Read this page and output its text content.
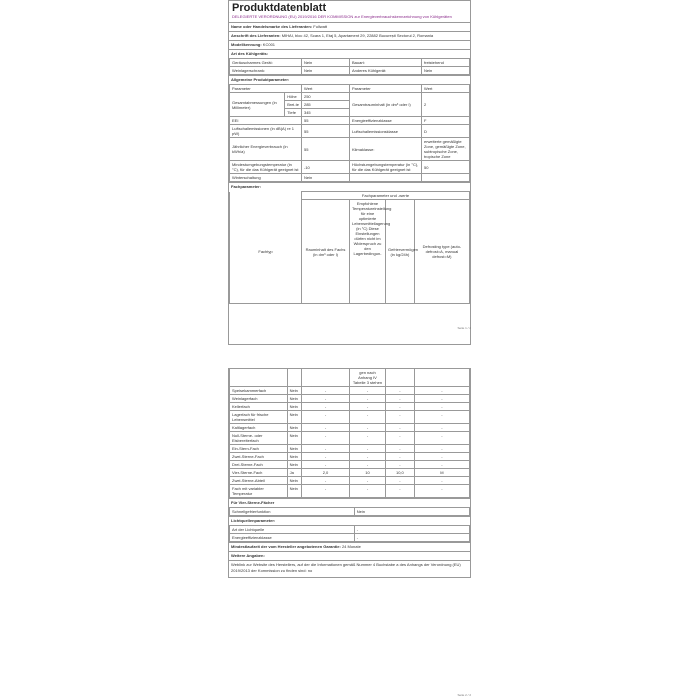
Produktdatenblatt
DELEGIERTE VERORDNUNG (EU) 2019/2016 DER KOMMISSION zur Energieverbrauchskennzeichnung von Kühlgeräten
Name oder Handelsmarke des Lieferanten: Fullwatt
Anschrift des Lieferanten: MIHAI, bloc 42, Scara 1, Etaj 5, Apartament 29, 22882 București Sectorul 2, Romania
Modellkennung: KC001
Art des Kühlgeräts:
Geräuscharmes Gerät:	Nein	Bauart:	freistehend
Weinlagerschrank:	Nein	Anderes Kühlgerät:	Nein
Allgemeine Produktparameter:
Parameter		Wert	Parameter	Wert
Gesamtabmessungen (in Millimeter)	Höhe	250	Gesamtrauminhalt (in dm³ oder l)	2
	Brei-te	285		
	Tiefe	345		
EEI		55	Energieeffizienzklasse	F
Luftschallemissionen (in dB(A) re 1 pW)		55	Luftschallemissionsklasse	D
Jährlicher Energieverbrauch (in kWh/a)		55	Klimaklasse:	erweiterte gemäßigte Zone, gemäßigte Zone, subtropische Zone, tropische Zone
Mindestumgebungstemperatur (in °C), für die das Kühlgerät geeignet ist		-10	Höchstumgebungstemperatur (in °C), für die das Kühlgerät geeignet ist	50
Winterschaltung		Nein		
Fachparameter:
	Fachparameter und -werte			
Fachtyp	Rauminhalt des Fachs (in dm³ oder l)	Empfohlene Temperatureinstellung für eine optimierte Lebensmittellagerung (in °C) Diese Einstellungen dürfen nicht im Widerspruch zu den Lagerbedingun-	Gefriervermögen (in kg/24h)	Defrosting type (auto-defrost=A, manual defrost=M)
Seite 1 / 2
			gen nach Anhang IV Tabelle 3 stehen		
Speisekammerfach	Nein	-	-	-	-
Weinlagerfach	Nein	-	-	-	-
Kellerfach	Nein	-	-	-	-
Lagerfach für frische Lebensmittel	Nein	-	-	-	-
Kaltlagerfach	Nein	-	-	-	-
Null-Sterne- oder Eisbereiterfach	Nein	-	-	-	-
Ein-Stern-Fach	Nein	-	-	-	-
Zwei-Sterne-Fach	Nein	-	-	-	-
Drei-Sterne-Fach	Nein	-	-	-	-
Vier-Sterne-Fach	Ja	2,0	10	10,0	M
Zwei-Sterne-Abteil	Nein	-	-	-	-
Fach mit variabler Temperatur	Nein	-	-	-	-
Für Vier-Sterne-Fächer
Schnellgefrierfunktion	Nein
Lichtquellenparameter:
Art der Lichtquelle	-
Energieeffizienzklasse	-
Mindestlaufzeit der vom Hersteller angebotenen Garantie: 24 Monate
Weitere Angaben:
Weblink zur Website des Herstellers, auf der die Informationen gemäß Nummer 4 Buchstabe a des Anhangs der Verordnung (EU) 2019/2013 der Kommission zu finden sind: no
Seite 2 / 2
